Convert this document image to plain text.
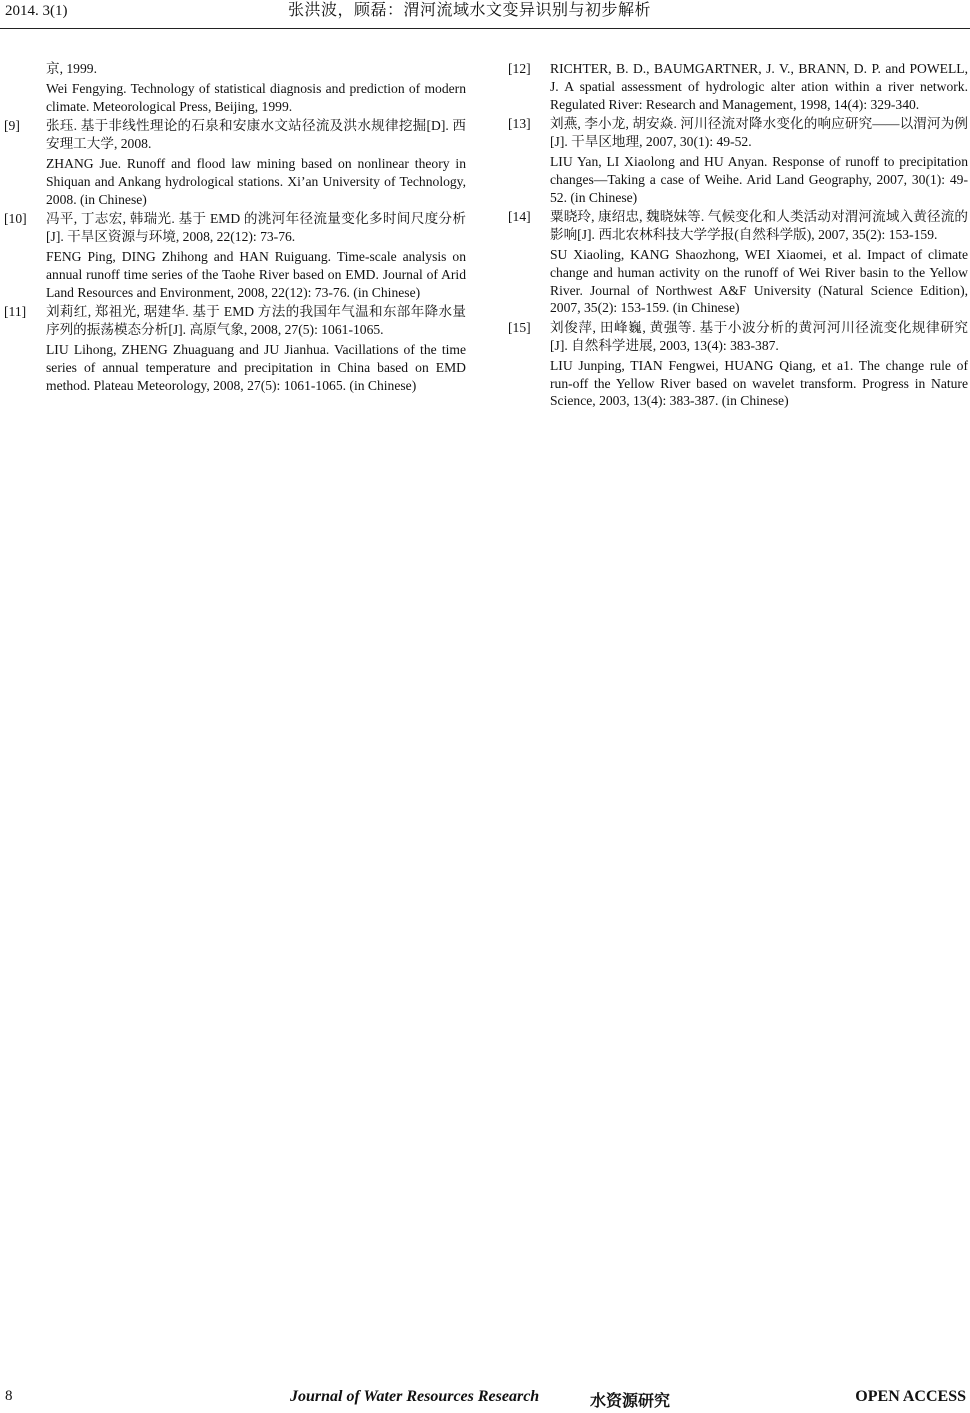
2014. 3(1)	张洪波，顾磊：渭河流域水文变异识别与初步解析

京, 1999.

Wei Fengying. Technology of statistical diagnosis and prediction of modern climate. Meteorological Press, Beijing, 1999.

[9] 张珏. 基于非线性理论的石泉和安康水文站径流及洪水规律挖掘[D]. 西安理工大学, 2008.

ZHANG Jue. Runoff and flood law mining based on nonlinear theory in Shiquan and Ankang hydrological stations. Xi’an University of Technology, 2008. (in Chinese)

[10] 冯平, 丁志宏, 韩瑞光. 基于 EMD 的洮河年径流量变化多时间尺度分析[J]. 干旱区资源与环境, 2008, 22(12): 73-76.

FENG Ping, DING Zhihong and HAN Ruiguang. Time-scale analysis on annual runoff time series of the Taohe River based on EMD. Journal of Arid Land Resources and Environment, 2008, 22(12): 73-76. (in Chinese)

[11] 刘莉红, 郑祖光, 琚建华. 基于 EMD 方法的我国年气温和东部年降水量序列的振荡模态分析[J]. 高原气象, 2008, 27(5): 1061-1065.

LIU Lihong, ZHENG Zhuaguang and JU Jianhua. Vacillations of the time series of annual temperature and precipitation in China based on EMD method. Plateau Meteorology, 2008, 27(5): 1061-1065. (in Chinese)

[12] RICHTER, B. D., BAUMGARTNER, J. V., BRANN, D. P. and POWELL, J. A spatial assessment of hydrologic alter ation within a river network. Regulated River: Research and Management, 1998, 14(4): 329-340.

[13] 刘燕, 李小龙, 胡安焱. 河川径流对降水变化的响应研究——以渭河为例[J]. 干旱区地理, 2007, 30(1): 49-52.

LIU Yan, LI Xiaolong and HU Anyan. Response of runoff to precipitation changes—Taking a case of Weihe. Arid Land Geography, 2007, 30(1): 49-52. (in Chinese)

[14] 粟晓玲, 康绍忠, 魏晓妹等. 气候变化和人类活动对渭河流域入黄径流的影响[J]. 西北农林科技大学学报(自然科学版), 2007, 35(2): 153-159.

SU Xiaoling, KANG Shaozhong, WEI Xiaomei, et al. Impact of climate change and human activity on the runoff of Wei River basin to the Yellow River. Journal of Northwest A&F University (Natural Science Edition), 2007, 35(2): 153-159. (in Chinese)

[15] 刘俊萍, 田峰巍, 黄强等. 基于小波分析的黄河河川径流变化规律研究[J]. 自然科学进展, 2003, 13(4): 383-387.

LIU Junping, TIAN Fengwei, HUANG Qiang, et a1. The change rule of run-off the Yellow River based on wavelet transform. Progress in Nature Science, 2003, 13(4): 383-387. (in Chinese)

8	Journal of Water Resources Research	水资源研究	OPEN ACCESS
